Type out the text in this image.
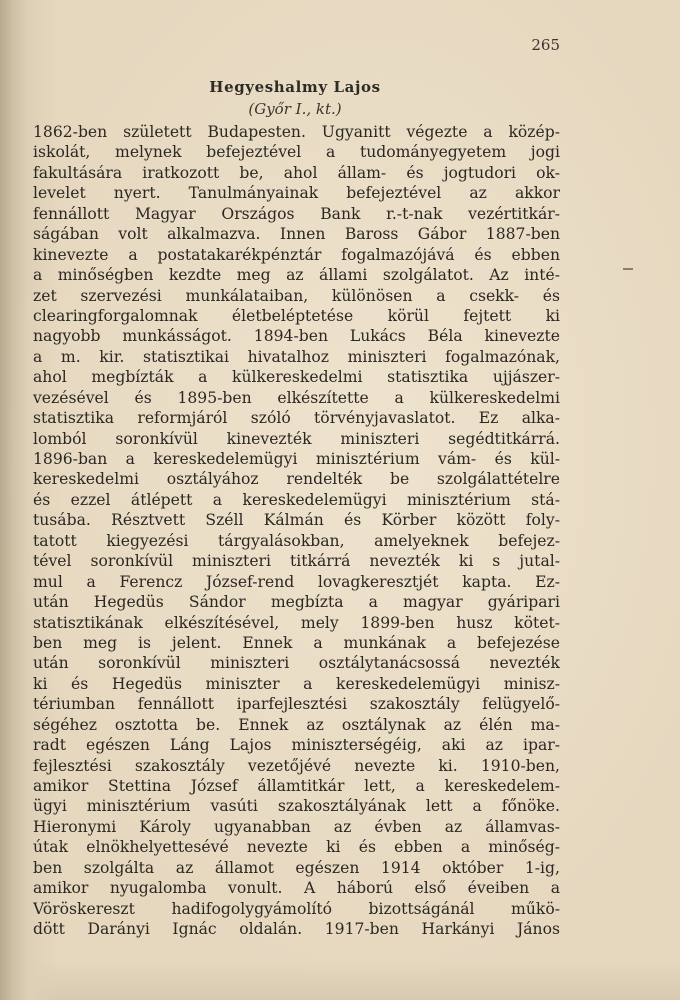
265
Hegyeshalmy Lajos
(Győr I., kt.)
1862-ben született Budapesten. Ugyanitt végezte a közép-
iskolát, melynek befejeztével a tudományegyetem jogi
fakultására iratkozott be, ahol állam- és jogtudori ok-
levelet nyert. Tanulmányainak befejeztével az akkor
fennállott Magyar Országos Bank r.-t-nak vezértitkár-
ságában volt alkalmazva. Innen Baross Gábor 1887-ben
kinevezte a postatakarékpénztár fogalmazójává és ebben
a minőségben kezdte meg az állami szolgálatot. Az inté-
zet szervezési munkálataiban, különösen a csekk- és
clearingforgalomnak életbeléptetése körül fejtett ki
nagyobb munkásságot. 1894-ben Lukács Béla kinevezte
a m. kir. statisztikai hivatalhoz miniszteri fogalmazónak,
ahol megbízták a külkereskedelmi statisztika ujjászer-
vezésével és 1895-ben elkészítette a külkereskedelmi
statisztika reformjáról szóló törvényjavaslatot. Ez alka-
lomból soronkívül kinevezték miniszteri segédtitkárrá.
1896-ban a kereskedelemügyi minisztérium vám- és kül-
kereskedelmi osztályához rendelték be szolgálattételre
és ezzel átlépett a kereskedelemügyi minisztérium stá-
tusába. Résztvett Széll Kálmán és Körber között foly-
tatott kiegyezési tárgyalásokban, amelyeknek befejez-
tével soronkívül miniszteri titkárrá nevezték ki s jutal-
mul a Ferencz József-rend lovagkeresztjét kapta. Ez-
után Hegedüs Sándor megbízta a magyar gyáripari
statisztikának elkészítésével, mely 1899-ben husz kötet-
ben meg is jelent. Ennek a munkának a befejezése
után soronkívül miniszteri osztálytanácsossá nevezték
ki és Hegedüs miniszter a kereskedelemügyi minisz-
tériumban fennállott iparfejlesztési szakosztály felügyelő-
ségéhez osztotta be. Ennek az osztálynak az élén ma-
radt egészen Láng Lajos miniszterségéig, aki az ipar-
fejlesztési szakosztály vezetőjévé nevezte ki. 1910-ben,
amikor Stettina József államtitkár lett, a kereskedelem-
ügyi minisztérium vasúti szakosztályának lett a főnöke.
Hieronymi Károly ugyanabban az évben az államvas-
útak elnökhelyettesévé nevezte ki és ebben a minőség-
ben szolgálta az államot egészen 1914 október 1-ig,
amikor nyugalomba vonult. A háború első éveiben a
Vöröskereszt hadifogolygyámolító bizottságánál műkö-
dött Darányi Ignác oldalán. 1917-ben Harkányi János
